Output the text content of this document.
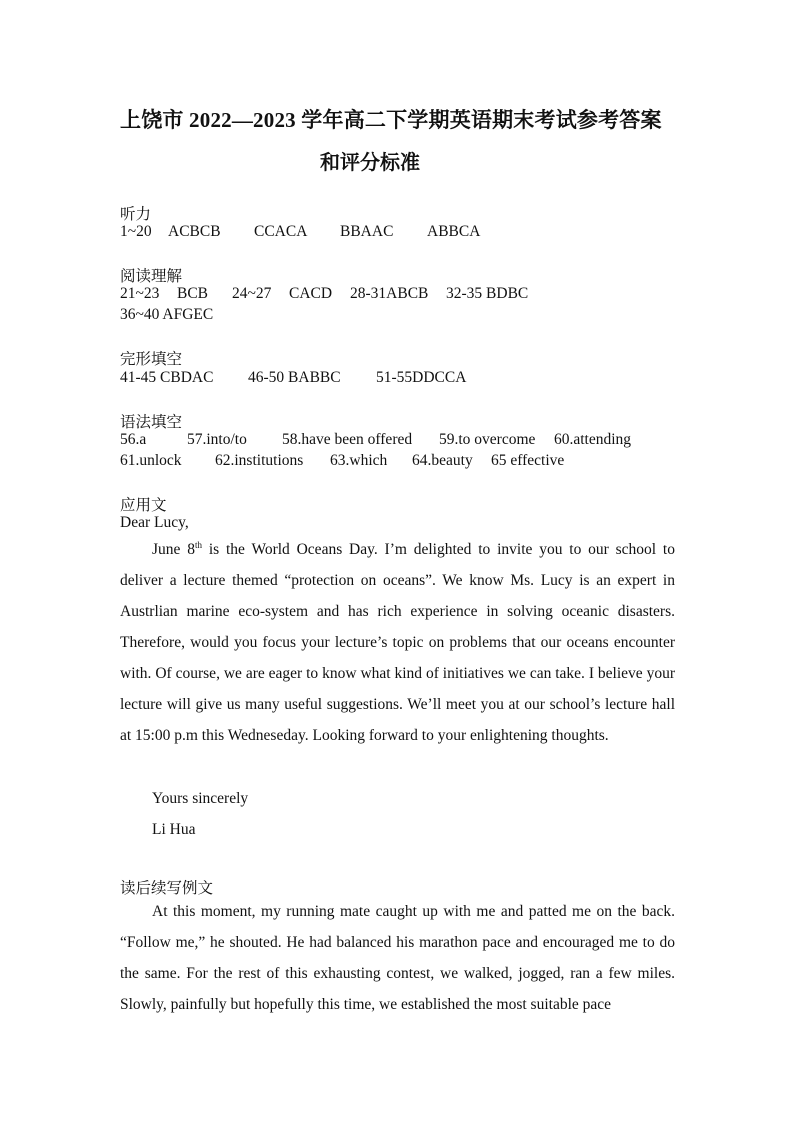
上饶市 2022—2023 学年高二下学期英语期末考试参考答案
和评分标准
听力
1~20 ACBCB CCACA BBAAC ABBCA
阅读理解
21~23 BCB 24~27 CACD 28-31ABCB 32-35 BDBC
36~40 AFGEC
完形填空
41-45 CBDAC 46-50 BABBC 51-55DDCCA
语法填空
56.a	57.into/to 58.have been offered 59.to overcome 60.attending
61.unlock 62.institutions 63.which 64.beauty 65 effective
应用文
Dear Lucy,
June 8th is the World Oceans Day. I’m delighted to invite you to our school to deliver a lecture themed “protection on oceans”. We know Ms. Lucy is an expert in Austrlian marine eco-system and has rich experience in solving oceanic disasters. Therefore, would you focus your lecture’s topic on problems that our oceans encounter with. Of course, we are eager to know what kind of initiatives we can take. I believe your lecture will give us many useful suggestions. We’ll meet you at our school’s lecture hall at 15:00 p.m this Wedneseday. Looking forward to your enlightening thoughts.
Yours sincerely
Li Hua
读后续写例文
At this moment, my running mate caught up with me and patted me on the back. “Follow me,” he shouted. He had balanced his marathon pace and encouraged me to do the same. For the rest of this exhausting contest, we walked, jogged, ran a few miles. Slowly, painfully but hopefully this time, we established the most suitable pace
